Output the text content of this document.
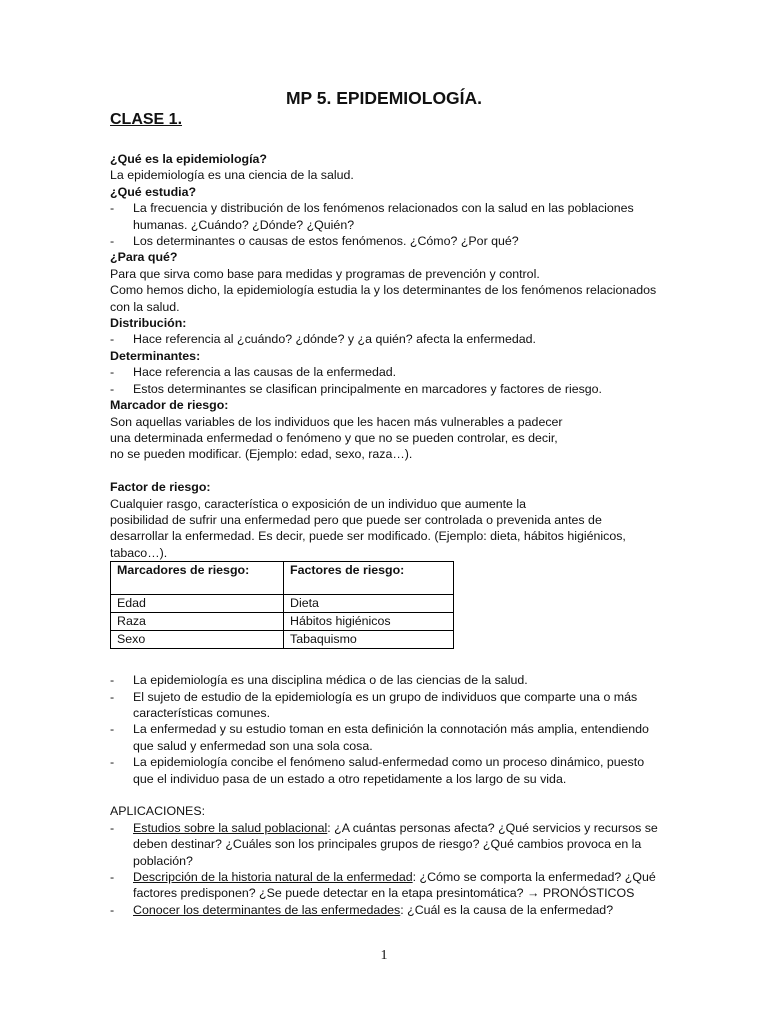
MP 5. EPIDEMIOLOGÍA.
CLASE 1.

¿Qué es la epidemiología?

La epidemiología es una ciencia de la salud.

¿Qué estudia?

- La frecuencia y distribución de los fenómenos relacionados con la salud en las poblaciones humanas. ¿Cuándo? ¿Dónde? ¿Quién?

- Los determinantes o causas de estos fenómenos. ¿Cómo? ¿Por qué?

¿Para qué?

Para que sirva como base para medidas y programas de prevención y control.

Como hemos dicho, la epidemiología estudia la y los determinantes de los fenómenos relacionados con la salud.

Distribución:

- Hace referencia al ¿cuándo? ¿dónde? y ¿a quién? afecta la enfermedad.

Determinantes:

- Hace referencia a las causas de la enfermedad.

- Estos determinantes se clasifican principalmente en marcadores y factores de riesgo.

Marcador de riesgo:

Son aquellas variables de los individuos que les hacen más vulnerables a padecer

una determinada enfermedad o fenómeno y que no se pueden controlar, es decir,

no se pueden modificar. (Ejemplo: edad, sexo, raza…).

Factor de riesgo:

Cualquier rasgo, característica o exposición de un individuo que aumente la

posibilidad de sufrir una enfermedad pero que puede ser controlada o prevenida antes de

desarrollar la enfermedad. Es decir, puede ser modificado. (Ejemplo: dieta, hábitos higiénicos,

tabaco…).

Marcadores de riesgo:	Factores de riesgo:
Edad	Dieta
Raza	Hábitos higiénicos
Sexo	Tabaquismo

- La epidemiología es una disciplina médica o de las ciencias de la salud.

- El sujeto de estudio de la epidemiología es un grupo de individuos que comparte una o más características comunes.

- La enfermedad y su estudio toman en esta definición la connotación más amplia, entendiendo que salud y enfermedad son una sola cosa.

- La epidemiología concibe el fenómeno salud-enfermedad como un proceso dinámico, puesto que el individuo pasa de un estado a otro repetidamente a los largo de su vida.

APLICACIONES:

- Estudios sobre la salud poblacional: ¿A cuántas personas afecta? ¿Qué servicios y recursos se deben destinar? ¿Cuáles son los principales grupos de riesgo? ¿Qué cambios provoca en la población?

- Descripción de la historia natural de la enfermedad: ¿Cómo se comporta la enfermedad? ¿Qué factores predisponen? ¿Se puede detectar en la etapa presintomática? → PRONÓSTICOS

- Conocer los determinantes de las enfermedades: ¿Cuál es la causa de la enfermedad?

1
